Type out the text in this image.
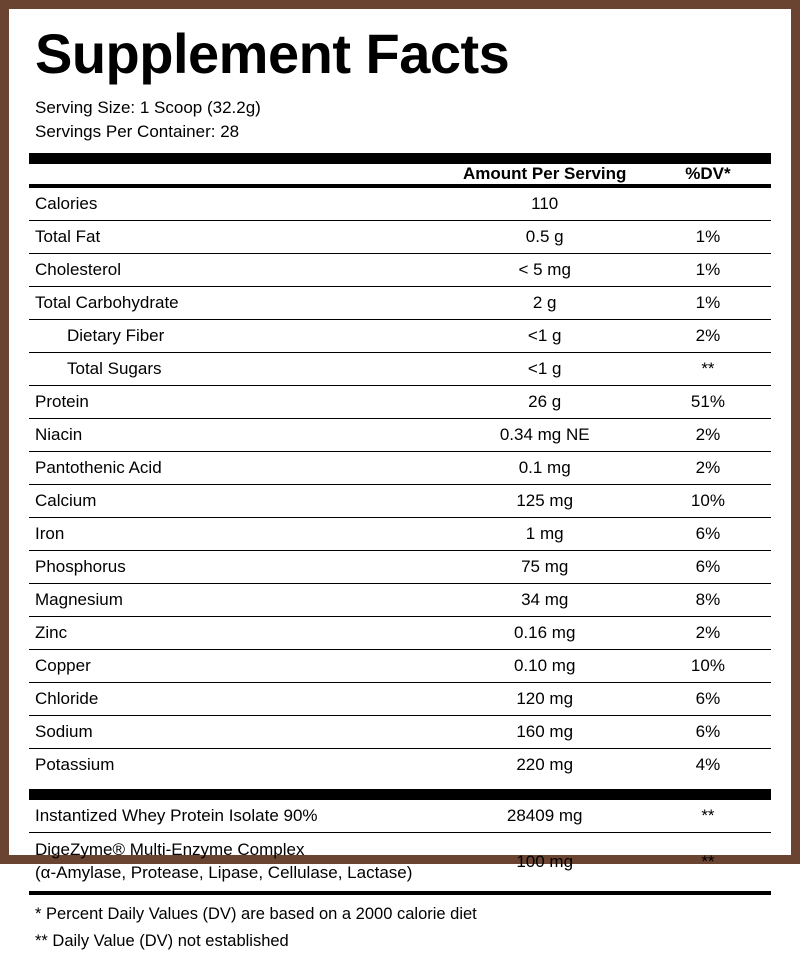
Supplement Facts
Serving Size: 1 Scoop (32.2g)
Servings Per Container: 28
	Amount Per Serving	%DV*
Calories	110	
Total Fat	0.5 g	1%
Cholesterol	< 5 mg	1%
Total Carbohydrate	2 g	1%
Dietary Fiber	<1 g	2%
Total Sugars	<1 g	**
Protein	26 g	51%
Niacin	0.34 mg NE	2%
Pantothenic Acid	0.1 mg	2%
Calcium	125 mg	10%
Iron	1 mg	6%
Phosphorus	75 mg	6%
Magnesium	34 mg	8%
Zinc	0.16 mg	2%
Copper	0.10 mg	10%
Chloride	120 mg	6%
Sodium	160 mg	6%
Potassium	220 mg	4%
Instantized Whey Protein Isolate 90%	28409 mg	**
DigeZyme® Multi-Enzyme Complex
(α-Amylase, Protease, Lipase, Cellulase, Lactase)	100 mg	**
* Percent Daily Values (DV) are based on a 2000 calorie diet
** Daily Value (DV) not established
